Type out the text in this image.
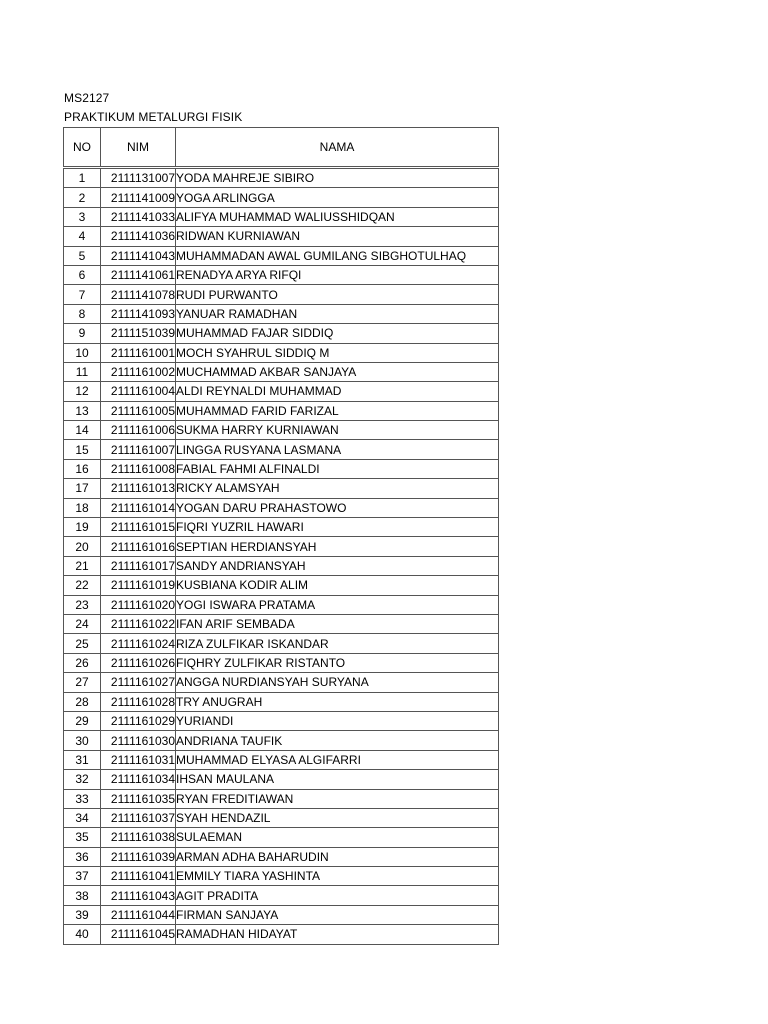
MS2127
PRAKTIKUM METALURGI FISIK
NO	NIM	NAMA
1	2111131007	YODA MAHREJE SIBIRO
2	2111141009	YOGA ARLINGGA
3	2111141033	ALIFYA MUHAMMAD WALIUSSHIDQAN
4	2111141036	RIDWAN KURNIAWAN
5	2111141043	MUHAMMADAN AWAL GUMILANG SIBGHOTULHAQ
6	2111141061	RENADYA ARYA RIFQI
7	2111141078	RUDI PURWANTO
8	2111141093	YANUAR RAMADHAN
9	2111151039	MUHAMMAD FAJAR SIDDIQ
10	2111161001	MOCH SYAHRUL SIDDIQ M
11	2111161002	MUCHAMMAD AKBAR SANJAYA
12	2111161004	ALDI REYNALDI MUHAMMAD
13	2111161005	MUHAMMAD FARID FARIZAL
14	2111161006	SUKMA HARRY KURNIAWAN
15	2111161007	LINGGA RUSYANA LASMANA
16	2111161008	FABIAL FAHMI ALFINALDI
17	2111161013	RICKY ALAMSYAH
18	2111161014	YOGAN DARU PRAHASTOWO
19	2111161015	FIQRI YUZRIL HAWARI
20	2111161016	SEPTIAN HERDIANSYAH
21	2111161017	SANDY ANDRIANSYAH
22	2111161019	KUSBIANA KODIR ALIM
23	2111161020	YOGI ISWARA PRATAMA
24	2111161022	IFAN ARIF SEMBADA
25	2111161024	RIZA ZULFIKAR ISKANDAR
26	2111161026	FIQHRY ZULFIKAR RISTANTO
27	2111161027	ANGGA NURDIANSYAH SURYANA
28	2111161028	TRY ANUGRAH
29	2111161029	YURIANDI
30	2111161030	ANDRIANA TAUFIK
31	2111161031	MUHAMMAD ELYASA ALGIFARRI
32	2111161034	IHSAN MAULANA
33	2111161035	RYAN FREDITIAWAN
34	2111161037	SYAH HENDAZIL
35	2111161038	SULAEMAN
36	2111161039	ARMAN ADHA BAHARUDIN
37	2111161041	EMMILY TIARA YASHINTA
38	2111161043	AGIT PRADITA
39	2111161044	FIRMAN SANJAYA
40	2111161045	RAMADHAN HIDAYAT
